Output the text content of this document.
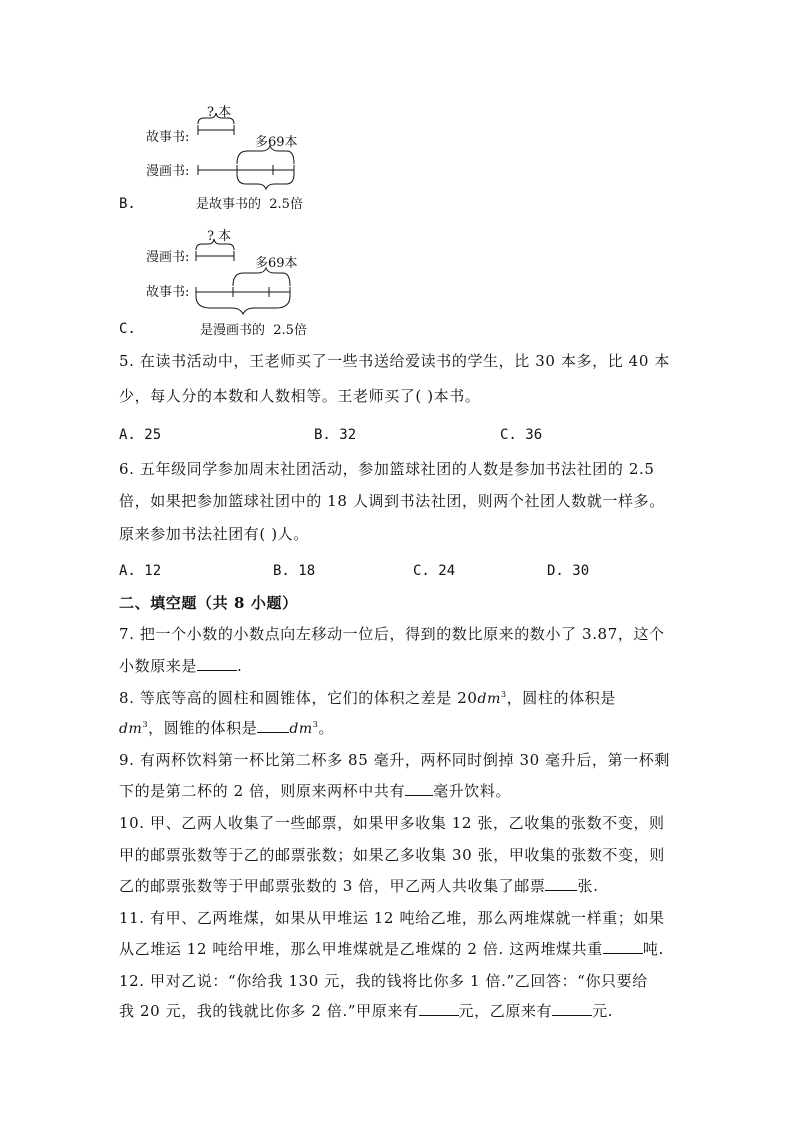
? 本
故事书:	多69本
漫画书:
是故事书的 2.5倍
B.
? 本
漫画书:	多69本
故事书:
是漫画书的 2.5倍
C.
5. 在读书活动中，王老师买了一些书送给爱读书的学生，比 30 本多，比 40 本
少，每人分的本数和人数相等。王老师买了( )本书。
A. 25	B. 32	C. 36
6. 五年级同学参加周末社团活动，参加篮球社团的人数是参加书法社团的 2.5
倍，如果把参加篮球社团中的 18 人调到书法社团，则两个社团人数就一样多。
原来参加书法社团有( )人。
A. 12	B. 18	C. 24	D. 30
二、填空题（共 8 小题）
7. 把一个小数的小数点向左移动一位后，得到的数比原来的数小了 3.87，这个
小数原来是	.
8. 等底等高的圆柱和圆锥体，它们的体积之差是 $20dm^3$，圆柱的体积是
$dm^3$，圆锥的体积是 $dm^3$。
9. 有两杯饮料第一杯比第二杯多 85 毫升，两杯同时倒掉 30 毫升后，第一杯剩
下的是第二杯的 2 倍，则原来两杯中共有 毫升饮料。
10. 甲、乙两人收集了一些邮票，如果甲多收集 12 张，乙收集的张数不变，则
甲的邮票张数等于乙的邮票张数；如果乙多收集 30 张，甲收集的张数不变，则
乙的邮票张数等于甲邮票张数的 3 倍，甲乙两人共收集了邮票 张.
11. 有甲、乙两堆煤，如果从甲堆运 12 吨给乙堆，那么两堆煤就一样重；如果
从乙堆运 12 吨给甲堆，那么甲堆煤就是乙堆煤的 2 倍. 这两堆煤共重	吨.
12. 甲对乙说：“你给我 130 元，我的钱将比你多 1 倍.”乙回答：“你只要给
我 20 元，我的钱就比你多 2 倍.”甲原来有	元，乙原来有	元.
